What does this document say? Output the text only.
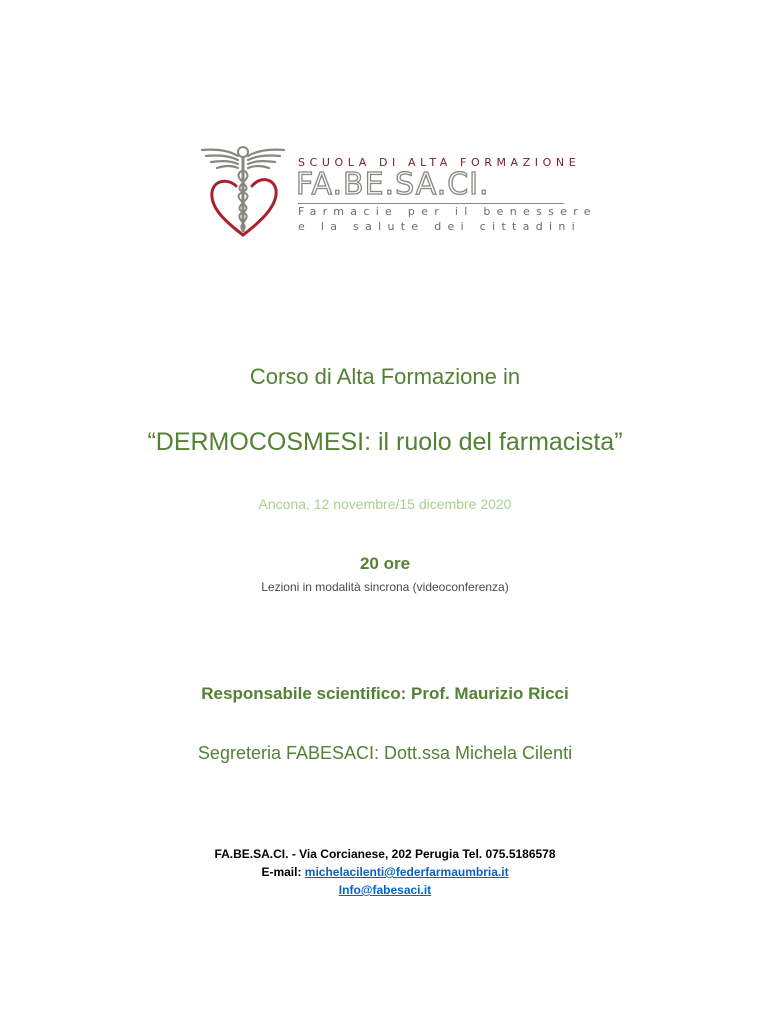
SCUOLA DI ALTA FORMAZIONE
FA.BE.SA.CI.
Farmacie per il benessere
e la salute dei cittadini
Corso di Alta Formazione in
“DERMOCOSMESI: il ruolo del farmacista”
Ancona, 12 novembre/15 dicembre 2020
20 ore
Lezioni in modalità sincrona (videoconferenza)
Responsabile scientifico: Prof. Maurizio Ricci
Segreteria FABESACI: Dott.ssa Michela Cilenti
FA.BE.SA.CI. - Via Corcianese, 202 Perugia Tel. 075.5186578
E-mail: michelacilenti@federfarmaumbria.it
Info@fabesaci.it
